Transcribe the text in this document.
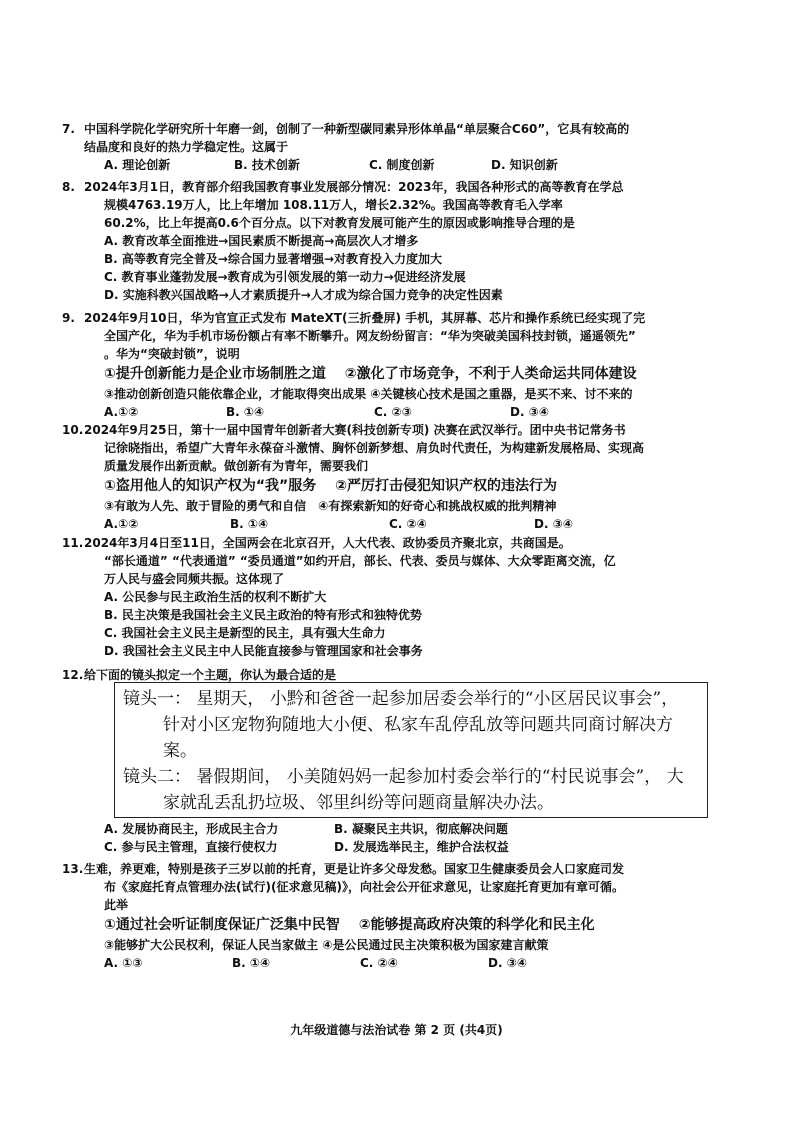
7. 中国科学院化学研究所十年磨一剑，创制了一种新型碳同素异形体单晶“单层聚合C60”，它具有较高的
结晶度和良好的热力学稳定性。这属于
A. 理论创新	B. 技术创新	C. 制度创新	D. 知识创新
8. 2024年3月1日，教育部介绍我国教育事业发展部分情况：2023年，我国各种形式的高等教育在学总
规模4763.19万人，比上年增加 108.11万人，增长2.32%。我国高等教育毛入学率
60.2%，比上年提高0.6个百分点。以下对教育发展可能产生的原因或影响推导合理的是
A. 教育改革全面推进→国民素质不断提高→高层次人才增多
B. 高等教育完全普及→综合国力显著增强→对教育投入力度加大
C. 教育事业蓬勃发展→教育成为引领发展的第一动力→促进经济发展
D. 实施科教兴国战略→人才素质提升→人才成为综合国力竞争的决定性因素
9. 2024年9月10日，华为官宣正式发布 MateXT(三折叠屏) 手机，其屏幕、芯片和操作系统已经实现了完
全国产化，华为手机市场份额占有率不断攀升。网友纷纷留言：“华为突破美国科技封锁，遥遥领先”
。华为“突破封锁”，说明
①提升创新能力是企业市场制胜之道　 ②激化了市场竞争，不利于人类命运共同体建设
③推动创新创造只能依靠企业，才能取得突出成果 ④关键核心技术是国之重器，是买不来、讨不来的
A.①②	B. ①④	C. ②③	D. ③④
10. 2024年9月25日，第十一届中国青年创新者大赛(科技创新专项) 决赛在武汉举行。团中央书记常务书
记徐晓指出，希望广大青年永葆奋斗激情、胸怀创新梦想、肩负时代责任，为构建新发展格局、实现高
质量发展作出新贡献。做创新有为青年，需要我们
①盗用他人的知识产权为“我”服务　 ②严厉打击侵犯知识产权的违法行为
③有敢为人先、敢于冒险的勇气和自信　④有探索新知的好奇心和挑战权威的批判精神
A.①②	B. ①④	C. ②④	D. ③④
11. 2024年3月4日至11日，全国两会在北京召开，人大代表、政协委员齐聚北京，共商国是。
“部长通道” “代表通道” “委员通道”如约开启，部长、代表、委员与媒体、大众零距离交流，亿
万人民与盛会同频共振。这体现了
A. 公民参与民主政治生活的权利不断扩大
B. 民主决策是我国社会主义民主政治的特有形式和独特优势
C. 我国社会主义民主是新型的民主，具有强大生命力
D. 我国社会主义民主中人民能直接参与管理国家和社会事务
12. 给下面的镜头拟定一个主题，你认为最合适的是
镜头一： 星期天， 小黔和爸爸一起参加居委会举行的“小区居民议事会”， 针对小区宠物狗随地大小便、私家车乱停乱放等问题共同商讨解决方案。
镜头二： 暑假期间， 小美随妈妈一起参加村委会举行的“村民说事会”， 大家就乱丢乱扔垃圾、邻里纠纷等问题商量解决办法。
A. 发展协商民主，形成民主合力	B. 凝聚民主共识，彻底解决问题
C. 参与民主管理，直接行使权力	D. 发展选举民主，维护合法权益
13. 生难，养更难，特别是孩子三岁以前的托育，更是让许多父母发愁。国家卫生健康委员会人口家庭司发
布《家庭托育点管理办法(试行)(征求意见稿)》，向社会公开征求意见，让家庭托育更加有章可循。
此举
①通过社会听证制度保证广泛集中民智　 ②能够提高政府决策的科学化和民主化
③能够扩大公民权利，保证人民当家做主 ④是公民通过民主决策积极为国家建言献策
A. ①③	B. ①④	C. ②④	D. ③④
九年级道德与法治试卷 第 2 页 (共4页)
